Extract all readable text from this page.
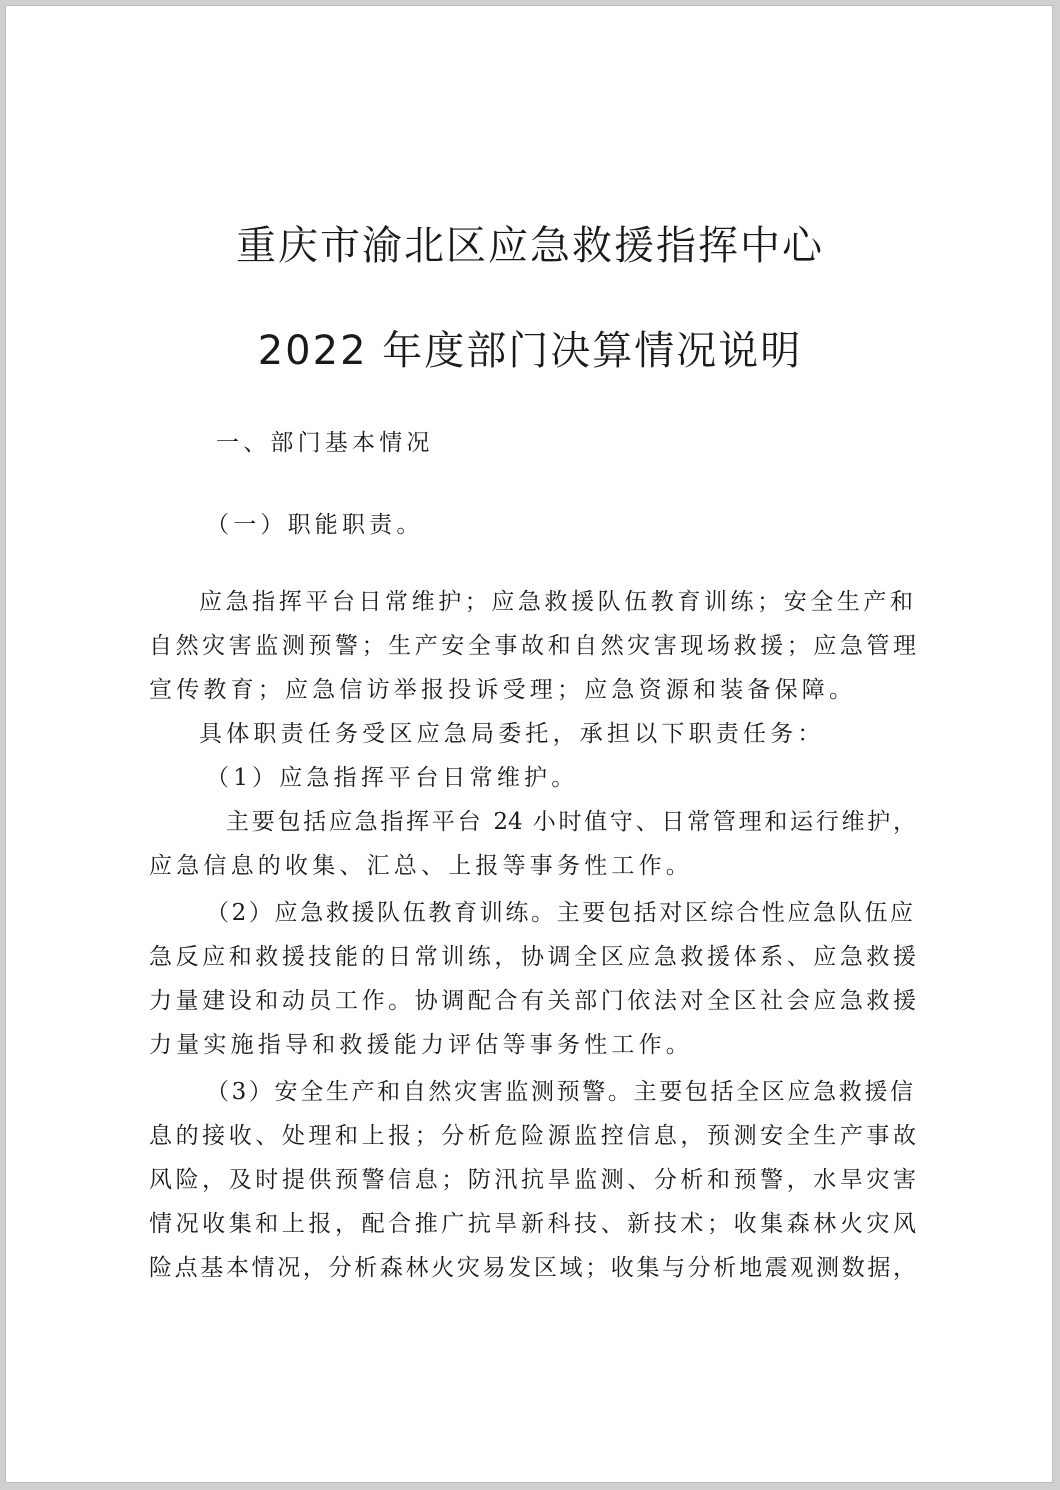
重庆市渝北区应急救援指挥中心
2022 年度部门决算情况说明

一、部门基本情况

（一）职能职责。

应急指挥平台日常维护；应急救援队伍教育训练；安全生产和

自然灾害监测预警；生产安全事故和自然灾害现场救援；应急管理

宣传教育；应急信访举报投诉受理；应急资源和装备保障。

具体职责任务受区应急局委托，承担以下职责任务：

（1）应急指挥平台日常维护。

主要包括应急指挥平台 24 小时值守、日常管理和运行维护，

应急信息的收集、汇总、上报等事务性工作。

（2）应急救援队伍教育训练。主要包括对区综合性应急队伍应

急反应和救援技能的日常训练，协调全区应急救援体系、应急救援

力量建设和动员工作。协调配合有关部门依法对全区社会应急救援

力量实施指导和救援能力评估等事务性工作。

（3）安全生产和自然灾害监测预警。主要包括全区应急救援信

息的接收、处理和上报；分析危险源监控信息，预测安全生产事故

风险，及时提供预警信息；防汛抗旱监测、分析和预警，水旱灾害

情况收集和上报，配合推广抗旱新科技、新技术；收集森林火灾风

险点基本情况，分析森林火灾易发区域；收集与分析地震观测数据，
